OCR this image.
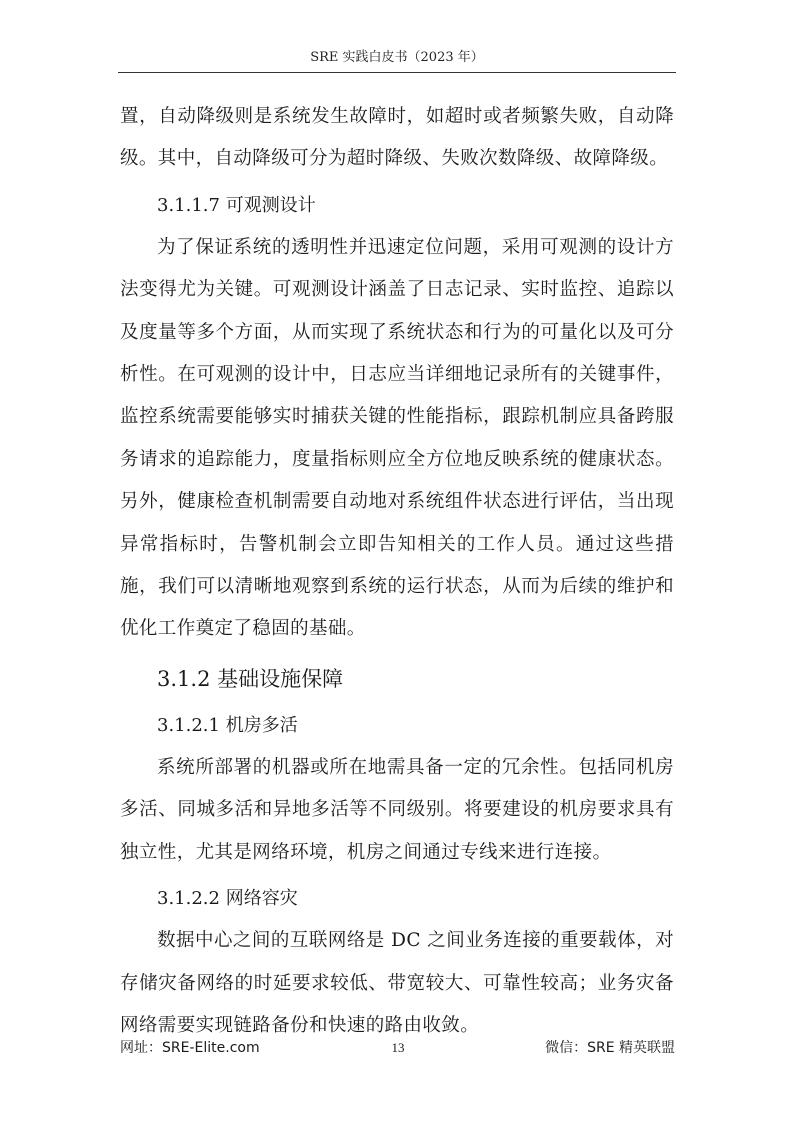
SRE 实践白皮书（2023 年）

置，自动降级则是系统发生故障时，如超时或者频繁失败，自动降级。其中，自动降级可分为超时降级、失败次数降级、故障降级。

3.1.1.7 可观测设计

为了保证系统的透明性并迅速定位问题，采用可观测的设计方法变得尤为关键。可观测设计涵盖了日志记录、实时监控、追踪以及度量等多个方面，从而实现了系统状态和行为的可量化以及可分析性。在可观测的设计中，日志应当详细地记录所有的关键事件，监控系统需要能够实时捕获关键的性能指标，跟踪机制应具备跨服务请求的追踪能力，度量指标则应全方位地反映系统的健康状态。另外，健康检查机制需要自动地对系统组件状态进行评估，当出现异常指标时，告警机制会立即告知相关的工作人员。通过这些措施，我们可以清晰地观察到系统的运行状态，从而为后续的维护和优化工作奠定了稳固的基础。

3.1.2 基础设施保障
3.1.2.1 机房多活

系统所部署的机器或所在地需具备一定的冗余性。包括同机房多活、同城多活和异地多活等不同级别。将要建设的机房要求具有独立性，尤其是网络环境，机房之间通过专线来进行连接。

3.1.2.2 网络容灾

数据中心之间的互联网络是 DC 之间业务连接的重要载体，对存储灾备网络的时延要求较低、带宽较大、可靠性较高；业务灾备网络需要实现链路备份和快速的路由收敛。

网址：SRE-Elite.com	13	微信：SRE 精英联盟
